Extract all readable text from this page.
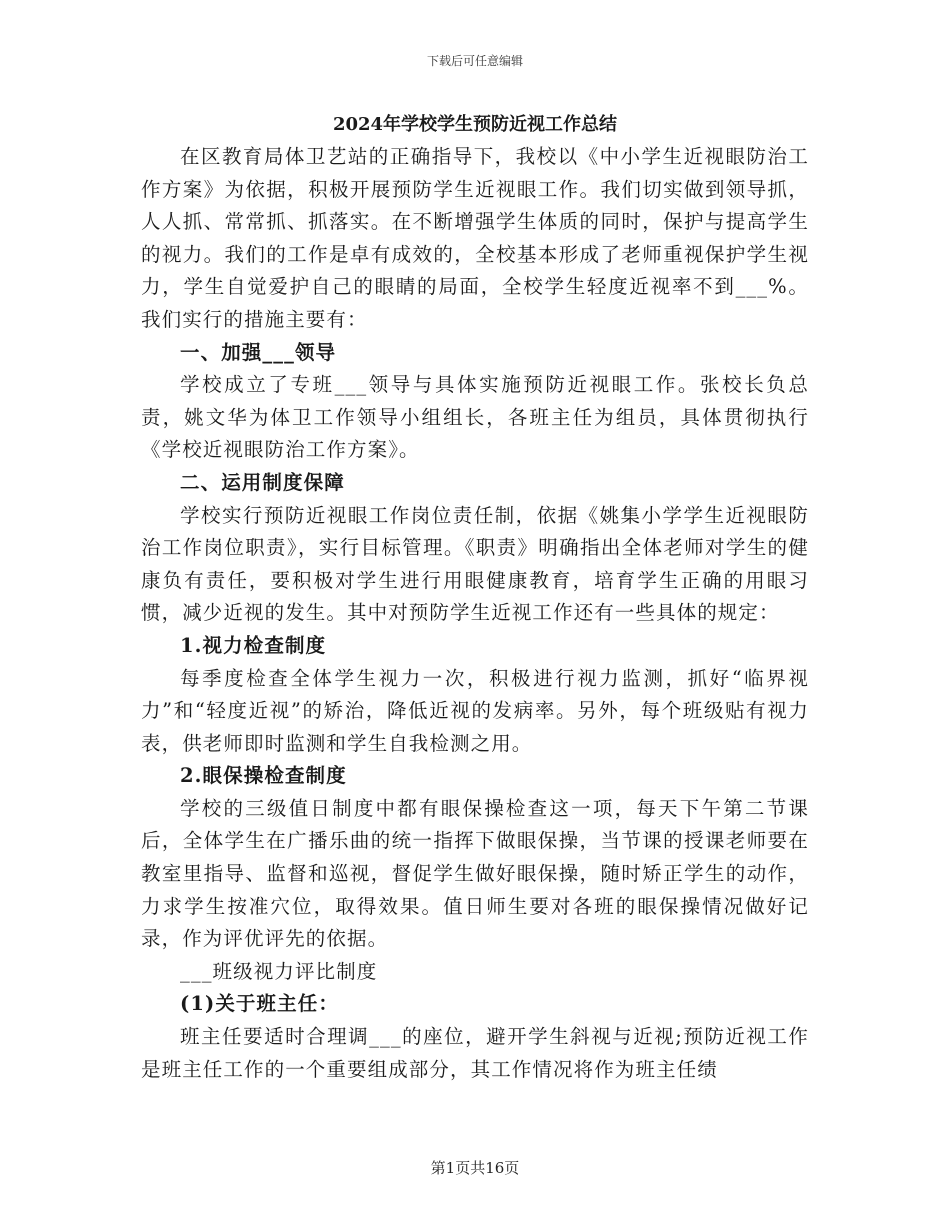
下载后可任意编辑
2024年学校学生预防近视工作总结

在区教育局体卫艺站的正确指导下，我校以《中小学生近视眼防治工作方案》为依据，积极开展预防学生近视眼工作。我们切实做到领导抓，人人抓、常常抓、抓落实。在不断增强学生体质的同时，保护与提高学生的视力。我们的工作是卓有成效的，全校基本形成了老师重视保护学生视力，学生自觉爱护自己的眼睛的局面，全校学生轻度近视率不到___%。我们实行的措施主要有：

一、加强___领导

学校成立了专班___领导与具体实施预防近视眼工作。张校长负总责，姚文华为体卫工作领导小组组长，各班主任为组员，具体贯彻执行《学校近视眼防治工作方案》。

二、运用制度保障

学校实行预防近视眼工作岗位责任制，依据《姚集小学学生近视眼防治工作岗位职责》，实行目标管理。《职责》明确指出全体老师对学生的健康负有责任，要积极对学生进行用眼健康教育，培育学生正确的用眼习惯，减少近视的发生。其中对预防学生近视工作还有一些具体的规定：

1.视力检查制度

每季度检查全体学生视力一次，积极进行视力监测，抓好“临界视力”和“轻度近视”的矫治，降低近视的发病率。另外，每个班级贴有视力表，供老师即时监测和学生自我检测之用。

2.眼保操检查制度

学校的三级值日制度中都有眼保操检查这一项，每天下午第二节课后，全体学生在广播乐曲的统一指挥下做眼保操，当节课的授课老师要在教室里指导、监督和巡视，督促学生做好眼保操，随时矫正学生的动作，力求学生按准穴位，取得效果。值日师生要对各班的眼保操情况做好记录，作为评优评先的依据。

___班级视力评比制度

(1)关于班主任：

班主任要适时合理调___的座位，避开学生斜视与近视;预防近视工作是班主任工作的一个重要组成部分，其工作情况将作为班主任绩

第1页共16页
